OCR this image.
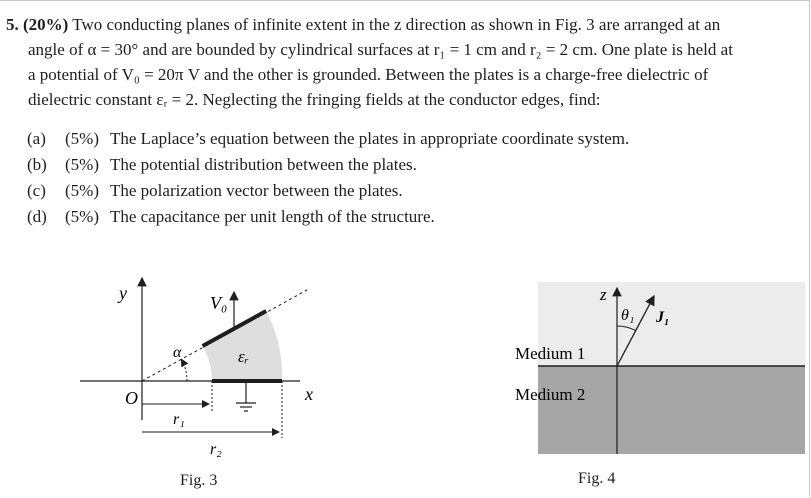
5. (20%) Two conducting planes of infinite extent in the z direction as shown in Fig. 3 are arranged at an

angle of α = 30° and are bounded by cylindrical surfaces at r₁ = 1 cm and r₂ = 2 cm. One plate is held at

a potential of V₀ = 20π V and the other is grounded. Between the plates is a charge-free dielectric of

dielectric constant εᵣ = 2. Neglecting the fringing fields at the conductor edges, find:

(a) (5%) The Laplace’s equation between the plates in appropriate coordinate system.
(b) (5%) The potential distribution between the plates.
(c) (5%) The polarization vector between the plates.
(d) (5%) The capacitance per unit length of the structure.
y
x
O
V₀
α	εᵣ
r₁
r₂
Fig. 3
z
θ₁ J₁
Medium 1
Medium 2
Fig. 4
